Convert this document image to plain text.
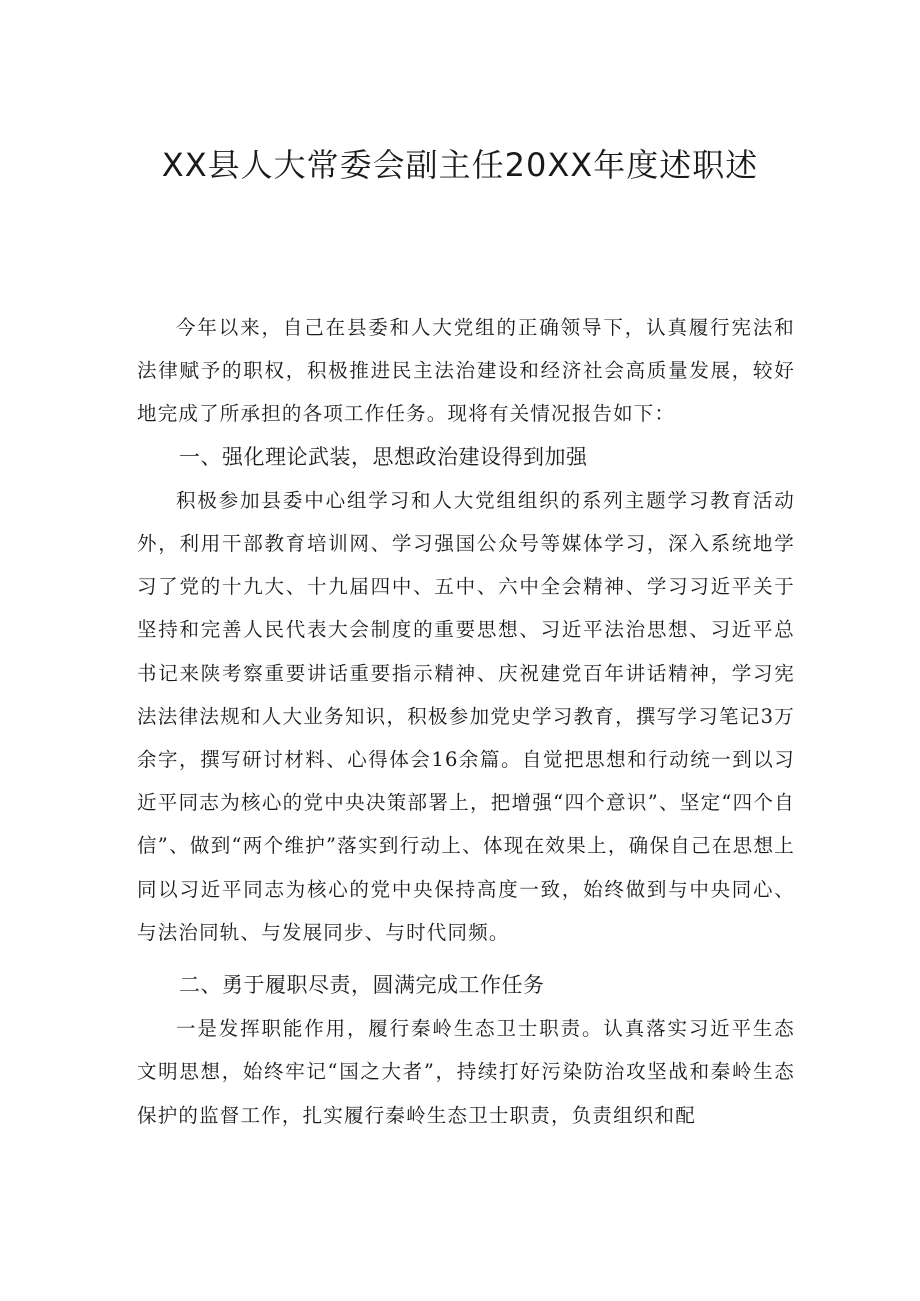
XX县人大常委会副主任20XX年度述职述

今年以来，自己在县委和人大党组的正确领导下，认真履行宪法和法律赋予的职权，积极推进民主法治建设和经济社会高质量发展，较好地完成了所承担的各项工作任务。现将有关情况报告如下：

一、强化理论武装，思想政治建设得到加强

积极参加县委中心组学习和人大党组组织的系列主题学习教育活动外，利用干部教育培训网、学习强国公众号等媒体学习，深入系统地学习了党的十九大、十九届四中、五中、六中全会精神、学习习近平关于坚持和完善人民代表大会制度的重要思想、习近平法治思想、习近平总书记来陕考察重要讲话重要指示精神、庆祝建党百年讲话精神，学习宪法法律法规和人大业务知识，积极参加党史学习教育，撰写学习笔记3万余字，撰写研讨材料、心得体会16余篇。自觉把思想和行动统一到以习近平同志为核心的党中央决策部署上，把增强“四个意识”、坚定“四个自信”、做到“两个维护”落实到行动上、体现在效果上，确保自己在思想上同以习近平同志为核心的党中央保持高度一致，始终做到与中央同心、与法治同轨、与发展同步、与时代同频。

二、勇于履职尽责，圆满完成工作任务

一是发挥职能作用，履行秦岭生态卫士职责。认真落实习近平生态文明思想，始终牢记“国之大者”，持续打好污染防治攻坚战和秦岭生态保护的监督工作，扎实履行秦岭生态卫士职责，负责组织和配
